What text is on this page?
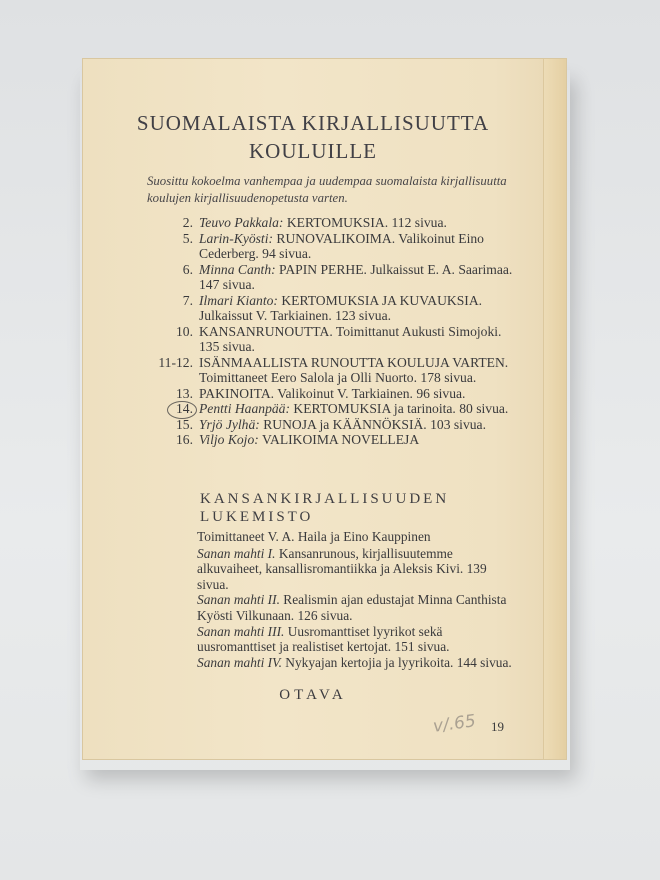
SUOMALAISTA KIRJALLISUUTTA
KOULUILLE
Suosittu kokoelma vanhempaa ja uudempaa suomalaista kirjallisuutta koulujen kirjallisuudenopetusta varten.
2. Teuvo Pakkala: KERTOMUKSIA. 112 sivua.
5. Larin-Kyösti: RUNOVALIKOIMA. Valikoinut Eino Cederberg. 94 sivua.
6. Minna Canth: PAPIN PERHE. Julkaissut E. A. Saarimaa. 147 sivua.
7. Ilmari Kianto: KERTOMUKSIA JA KUVAUKSIA. Julkaissut V. Tarkiainen. 123 sivua.
10. KANSANRUNOUTTA. Toimittanut Aukusti Simojoki. 135 sivua.
11-12. ISÄNMAALLISTA RUNOUTTA KOULUJA VARTEN. Toimittaneet Eero Salola ja Olli Nuorto. 178 sivua.
13. PAKINOITA. Valikoinut V. Tarkiainen. 96 sivua.
14. Pentti Haanpää: KERTOMUKSIA ja tarinoita. 80 sivua.
15. Yrjö Jylhä: RUNOJA ja KÄÄNNÖKSIÄ. 103 sivua.
16. Viljo Kojo: VALIKOIMA NOVELLEJA
KANSANKIRJALLISUUDEN
LUKEMISTO
Toimittaneet V. A. Haila ja Eino Kauppinen
Sanan mahti I. Kansanrunous, kirjallisuutemme alkuvaiheet, kansallisromantiikka ja Aleksis Kivi. 139 sivua.
Sanan mahti II. Realismin ajan edustajat Minna Canthista Kyösti Vilkunaan. 126 sivua.
Sanan mahti III. Uusromanttiset lyyrikot sekä uusromanttiset ja realistiset kertojat. 151 sivua.
Sanan mahti IV. Nykyajan kertojia ja lyyrikoita. 144 sivua.
OTAVA
v/.65 19
